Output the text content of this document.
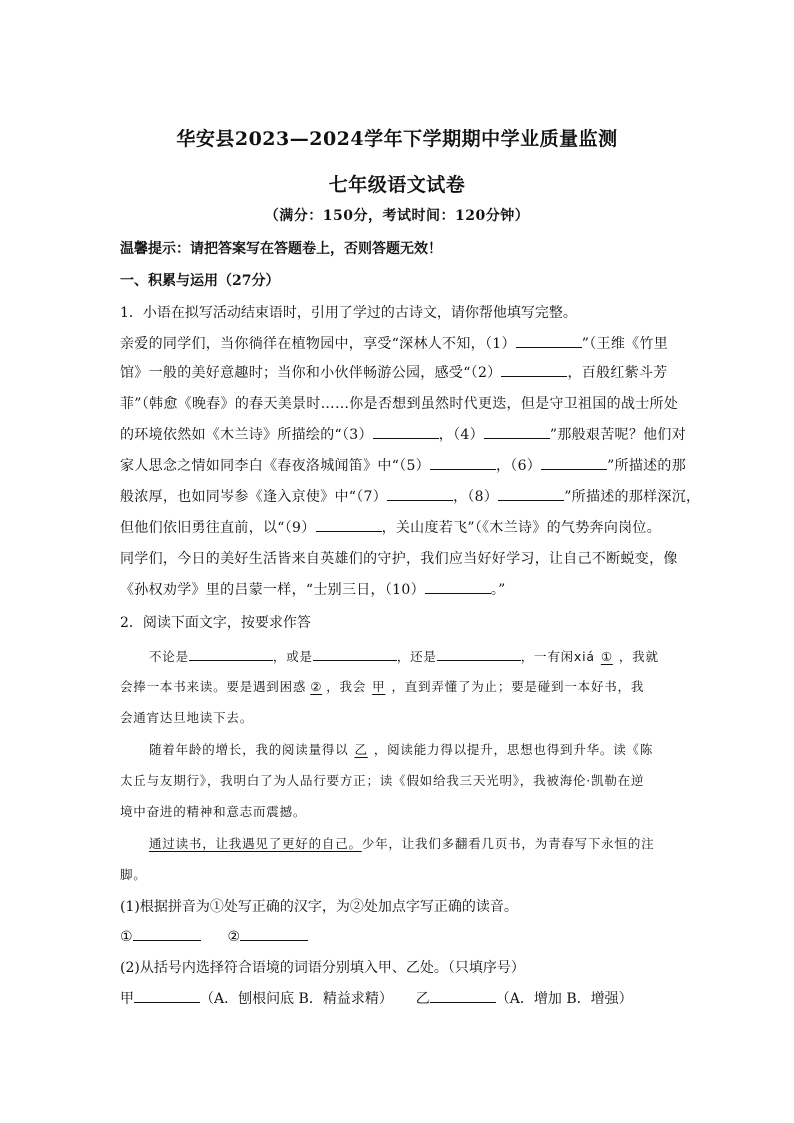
华安县2023—2024学年下学期期中学业质量监测
七年级语文试卷
（满分：150分，考试时间：120分钟）
温馨提示：请把答案写在答题卷上，否则答题无效！
一、积累与运用（27分）
1．小语在拟写活动结束语时，引用了学过的古诗文，请你帮他填写完整。
亲爱的同学们，当你徜徉在植物园中，享受“深林人不知，（1）	”（王维《竹里
馆》一般的美好意趣时；当你和小伙伴畅游公园，感受“（2）	，百般红紫斗芳
菲”（韩愈《晚春》的春天美景时……你是否想到虽然时代更迭，但是守卫祖国的战士所处
的环境依然如《木兰诗》所描绘的“（3）	，（4）	”那般艰苦呢？他们对
家人思念之情如同李白《春夜洛城闻笛》中“（5）	，（6）	”所描述的那
般浓厚，也如同岑参《逢入京使》中“（7）	，（8）	”所描述的那样深沉，
但他们依旧勇往直前，以“（9）	，关山度若飞”（《木兰诗》的气势奔向岗位。
同学们，今日的美好生活皆来自英雄们的守护，我们应当好好学习，让自己不断蜕变，像
《孙权劝学》里的吕蒙一样，“士别三日，（10）	。”
2．阅读下面文字，按要求作答
不论是	，或是	，还是	，一有闲xiá ① ，我就
会捧一本书来读。要是遇到困惑 ② ，我会 甲 ，直到弄懂了为止；要是碰到一本好书，我
会通宵达旦地读下去。
随着年龄的增长，我的阅读量得以 乙 ，阅读能力得以提升，思想也得到升华。读《陈
太丘与友期行》，我明白了为人品行要方正；读《假如给我三天光明》，我被海伦·凯勒在逆
境中奋进的精神和意志而震撼。
通过读书，让我遇见了更好的自己。少年，让我们多翻看几页书，为青春写下永恒的注
脚。
(1)根据拼音为①处写正确的汉字，为②处加点字写正确的读音。
①	②
(2)从括号内选择符合语境的词语分别填入甲、乙处。（只填序号）
甲	（A．刨根问底 B．精益求精） 乙	（A．增加 B．增强）
